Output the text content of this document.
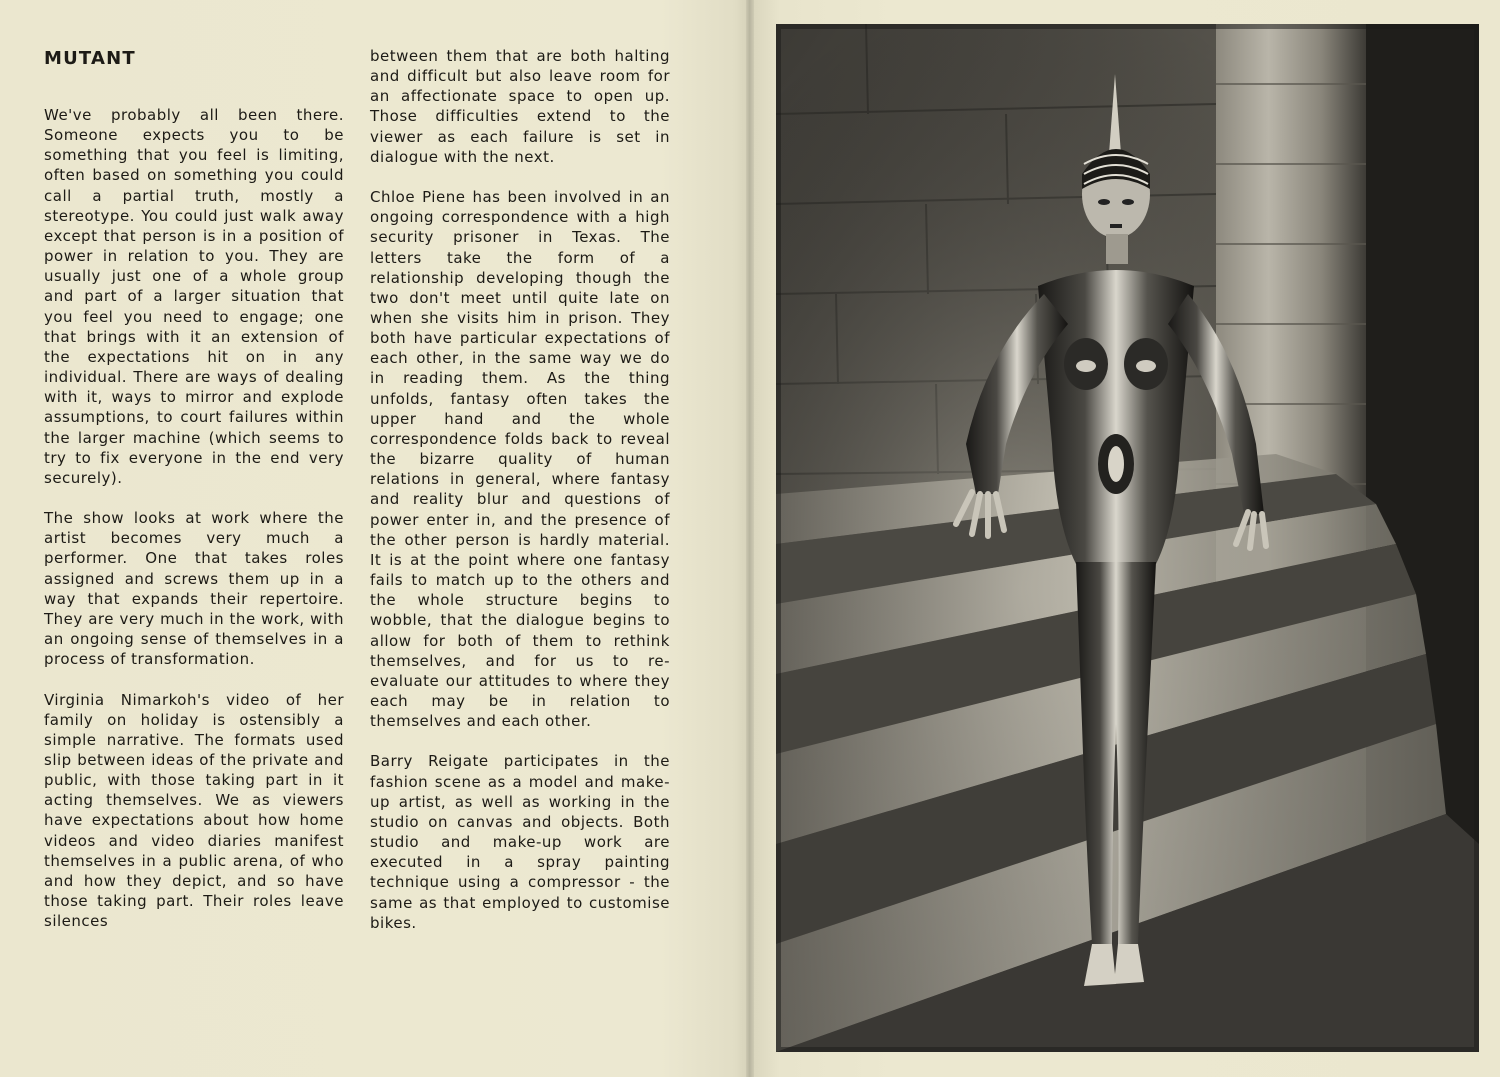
MUTANT

We've probably all been there. Someone expects you to be something that you feel is limiting, often based on something you could call a partial truth, mostly a stereotype. You could just walk away except that person is in a position of power in relation to you. They are usually just one of a whole group and part of a larger situation that you feel you need to engage; one that brings with it an extension of the expectations hit on in any individual. There are ways of dealing with it, ways to mirror and explode assumptions, to court failures within the larger machine (which seems to try to fix everyone in the end very securely).

The show looks at work where the artist becomes very much a performer. One that takes roles assigned and screws them up in a way that expands their repertoire. They are very much in the work, with an ongoing sense of themselves in a process of transformation.

Virginia Nimarkoh's video of her family on holiday is ostensibly a simple narrative. The formats used slip between ideas of the private and public, with those taking part in it acting themselves. We as viewers have expectations about how home videos and video diaries manifest themselves in a public arena, of who and how they depict, and so have those taking part. Their roles leave silences

between them that are both halting and difficult but also leave room for an affectionate space to open up. Those difficulties extend to the viewer as each failure is set in dialogue with the next.

Chloe Piene has been involved in an ongoing correspondence with a high security prisoner in Texas. The letters take the form of a relationship developing though the two don't meet until quite late on when she visits him in prison. They both have particular expectations of each other, in the same way we do in reading them. As the thing unfolds, fantasy often takes the upper hand and the whole correspondence folds back to reveal the bizarre quality of human relations in general, where fantasy and reality blur and questions of power enter in, and the presence of the other person is hardly material. It is at the point where one fantasy fails to match up to the others and the whole structure begins to wobble, that the dialogue begins to allow for both of them to rethink themselves, and for us to re-evaluate our attitudes to where they each may be in relation to themselves and each other.

Barry Reigate participates in the fashion scene as a model and make-up artist, as well as working in the studio on canvas and objects. Both studio and make-up work are executed in a spray painting technique using a compressor - the same as that employed to customise bikes.
